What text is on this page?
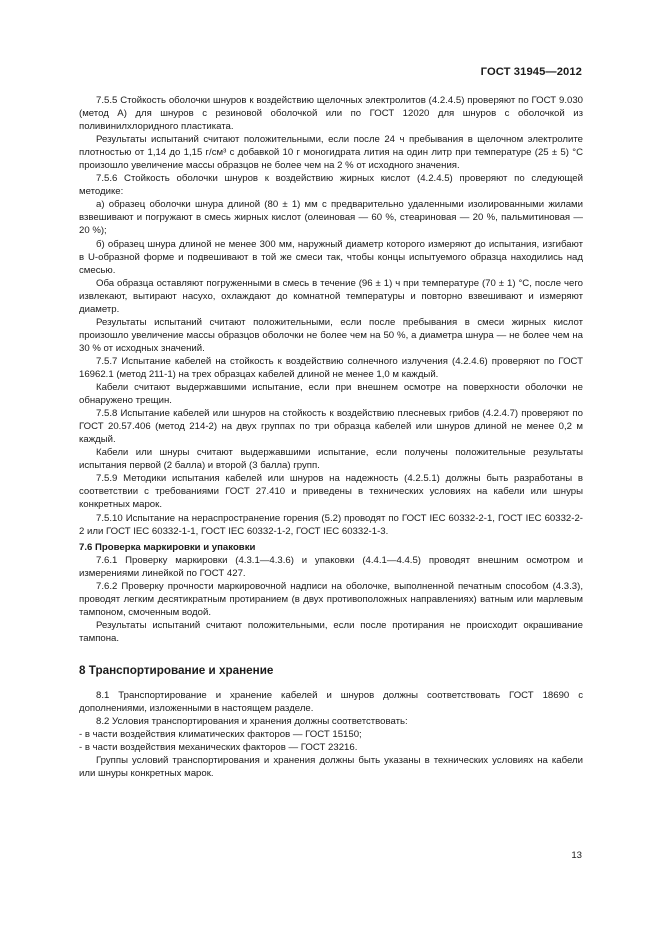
ГОСТ 31945—2012

7.5.5 Стойкость оболочки шнуров к воздействию щелочных электролитов (4.2.4.5) проверяют по ГОСТ 9.030 (метод А) для шнуров с резиновой оболочкой или по ГОСТ 12020 для шнуров с оболочкой из поливинилхлоридного пластиката.

Результаты испытаний считают положительными, если после 24 ч пребывания в щелочном электролите плотностью от 1,14 до 1,15 г/см³ с добавкой 10 г моногидрата лития на один литр при температуре (25 ± 5) °С произошло увеличение массы образцов не более чем на 2 % от исходного значения.

7.5.6 Стойкость оболочки шнуров к воздействию жирных кислот (4.2.4.5) проверяют по следующей методике:

а) образец оболочки шнура длиной (80 ± 1) мм с предварительно удаленными изолированными жилами взвешивают и погружают в смесь жирных кислот (олеиновая — 60 %, стеариновая — 20 %, пальмитиновая — 20 %);

б) образец шнура длиной не менее 300 мм, наружный диаметр которого измеряют до испытания, изгибают в U-образной форме и подвешивают в той же смеси так, чтобы концы испытуемого образца находились над смесью.

Оба образца оставляют погруженными в смесь в течение (96 ± 1) ч при температуре (70 ± 1) °С, после чего извлекают, вытирают насухо, охлаждают до комнатной температуры и повторно взвешивают и измеряют диаметр.

Результаты испытаний считают положительными, если после пребывания в смеси жирных кислот произошло увеличение массы образцов оболочки не более чем на 50 %, а диаметра шнура — не более чем на 30 % от исходных значений.

7.5.7 Испытание кабелей на стойкость к воздействию солнечного излучения (4.2.4.6) проверяют по ГОСТ 16962.1 (метод 211-1) на трех образцах кабелей длиной не менее 1,0 м каждый.

Кабели считают выдержавшими испытание, если при внешнем осмотре на поверхности оболочки не обнаружено трещин.

7.5.8 Испытание кабелей или шнуров на стойкость к воздействию плесневых грибов (4.2.4.7) проверяют по ГОСТ 20.57.406 (метод 214-2) на двух группах по три образца кабелей или шнуров длиной не менее 0,2 м каждый.

Кабели или шнуры считают выдержавшими испытание, если получены положительные результаты испытания первой (2 балла) и второй (3 балла) групп.

7.5.9 Методики испытания кабелей или шнуров на надежность (4.2.5.1) должны быть разработаны в соответствии с требованиями ГОСТ 27.410 и приведены в технических условиях на кабели или шнуры конкретных марок.

7.5.10 Испытание на нераспространение горения (5.2) проводят по ГОСТ IEC 60332-2-1, ГОСТ IEC 60332-2-2 или ГОСТ IEC 60332-1-1, ГОСТ IEC 60332-1-2, ГОСТ IEC 60332-1-3.

7.6 Проверка маркировки и упаковки

7.6.1 Проверку маркировки (4.3.1—4.3.6) и упаковки (4.4.1—4.4.5) проводят внешним осмотром и измерениями линейкой по ГОСТ 427.

7.6.2 Проверку прочности маркировочной надписи на оболочке, выполненной печатным способом (4.3.3), проводят легким десятикратным протиранием (в двух противоположных направлениях) ватным или марлевым тампоном, смоченным водой.

Результаты испытаний считают положительными, если после протирания не происходит окрашивание тампона.

8 Транспортирование и хранение

8.1 Транспортирование и хранение кабелей и шнуров должны соответствовать ГОСТ 18690 с дополнениями, изложенными в настоящем разделе.

8.2 Условия транспортирования и хранения должны соответствовать:

- в части воздействия климатических факторов — ГОСТ 15150;

- в части воздействия механических факторов — ГОСТ 23216.

Группы условий транспортирования и хранения должны быть указаны в технических условиях на кабели или шнуры конкретных марок.

13
